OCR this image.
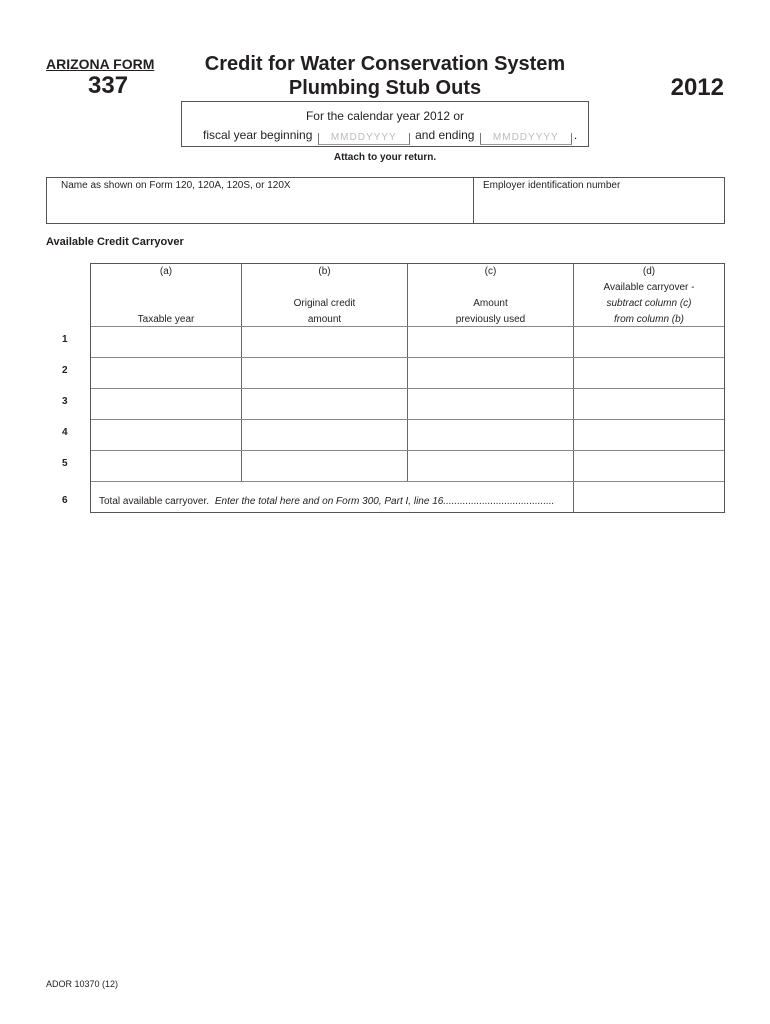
ARIZONA FORM
337
Credit for Water Conservation System
Plumbing Stub Outs	2012
For the calendar year 2012 or
fiscal year beginning MMDDYYYY and ending MMDDYYYY .
Attach to your return.
Name as shown on Form 120, 120A, 120S, or 120X	Employer identification number
Available Credit Carryover
(a)
Taxable year
(b)
Original credit
amount
(c)
Amount
previously used
(d)
Available carryover -
subtract column (c)
from column (b)
Total available carryover. Enter the total here and on Form 300, Part I, line 16........................................
1
2
3
4
5
6
ADOR 10370 (12)
